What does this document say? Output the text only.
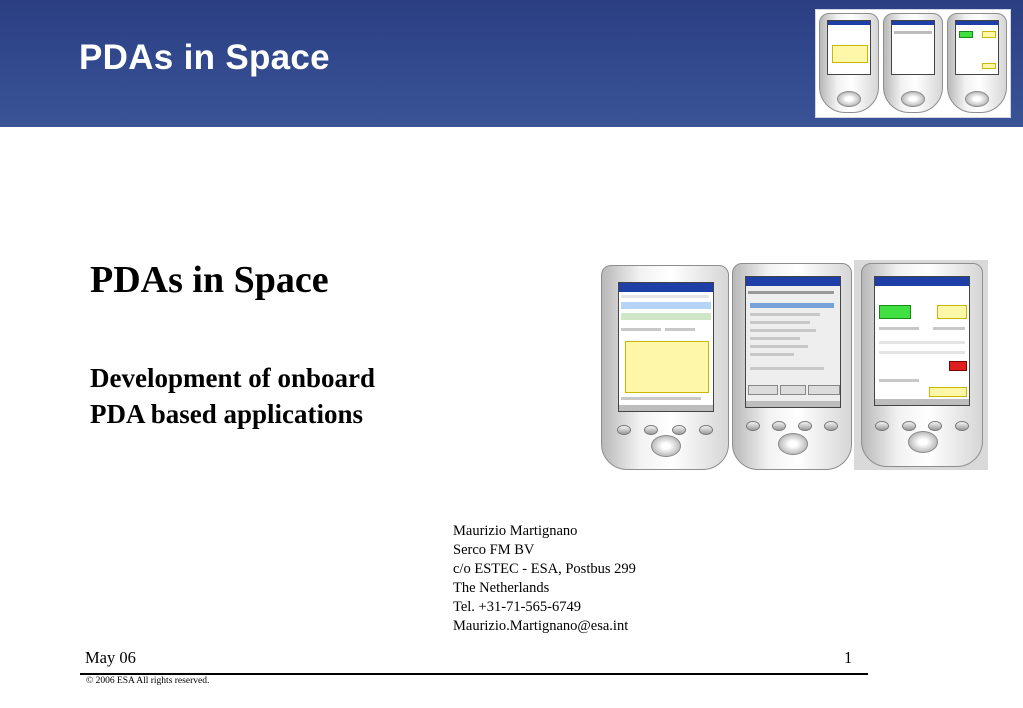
PDAs in Space
PDAs in Space
Development of onboard
PDA based applications
Maurizio Martignano
Serco FM BV
c/o ESTEC - ESA, Postbus 299
The Netherlands
Tel. +31-71-565-6749
Maurizio.Martignano@esa.int
May 06	1
© 2006 ESA All rights reserved.
